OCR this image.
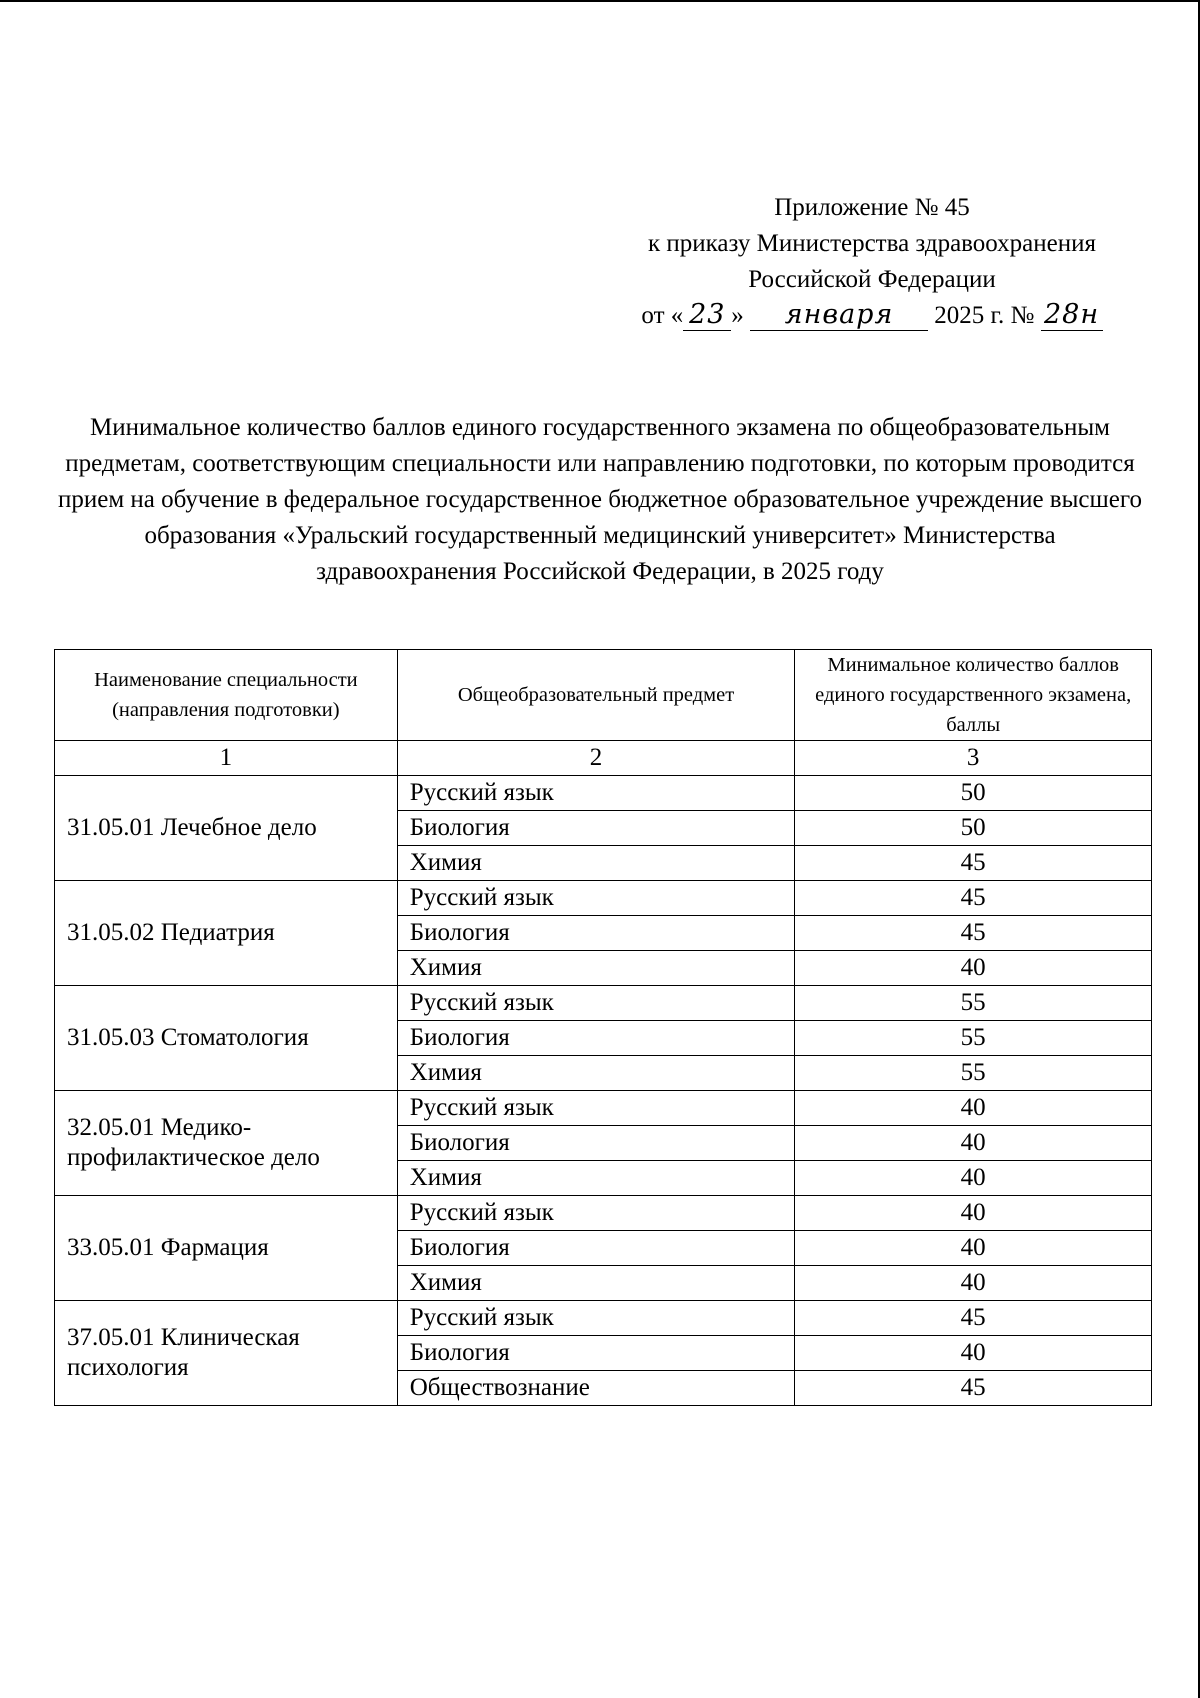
Приложение № 45
к приказу Министерства здравоохранения
Российской Федерации
от « 23 » января 2025 г. № 28н
Минимальное количество баллов единого государственного экзамена по общеобразовательным предметам, соответствующим специальности или направлению подготовки, по которым проводится прием на обучение в федеральное государственное бюджетное образовательное учреждение высшего образования «Уральский государственный медицинский университет» Министерства здравоохранения Российской Федерации, в 2025 году
Наименование специальности (направления подготовки)	Общеобразовательный предмет	Минимальное количество баллов единого государственного экзамена, баллы
1	2	3
31.05.01 Лечебное дело	Русский язык	50
	Биология	50
	Химия	45
31.05.02 Педиатрия	Русский язык	45
	Биология	45
	Химия	40
31.05.03 Стоматология	Русский язык	55
	Биология	55
	Химия	55
32.05.01 Медико-профилактическое дело	Русский язык	40
	Биология	40
	Химия	40
33.05.01 Фармация	Русский язык	40
	Биология	40
	Химия	40
37.05.01 Клиническая психология	Русский язык	45
	Биология	40
	Обществознание	45
